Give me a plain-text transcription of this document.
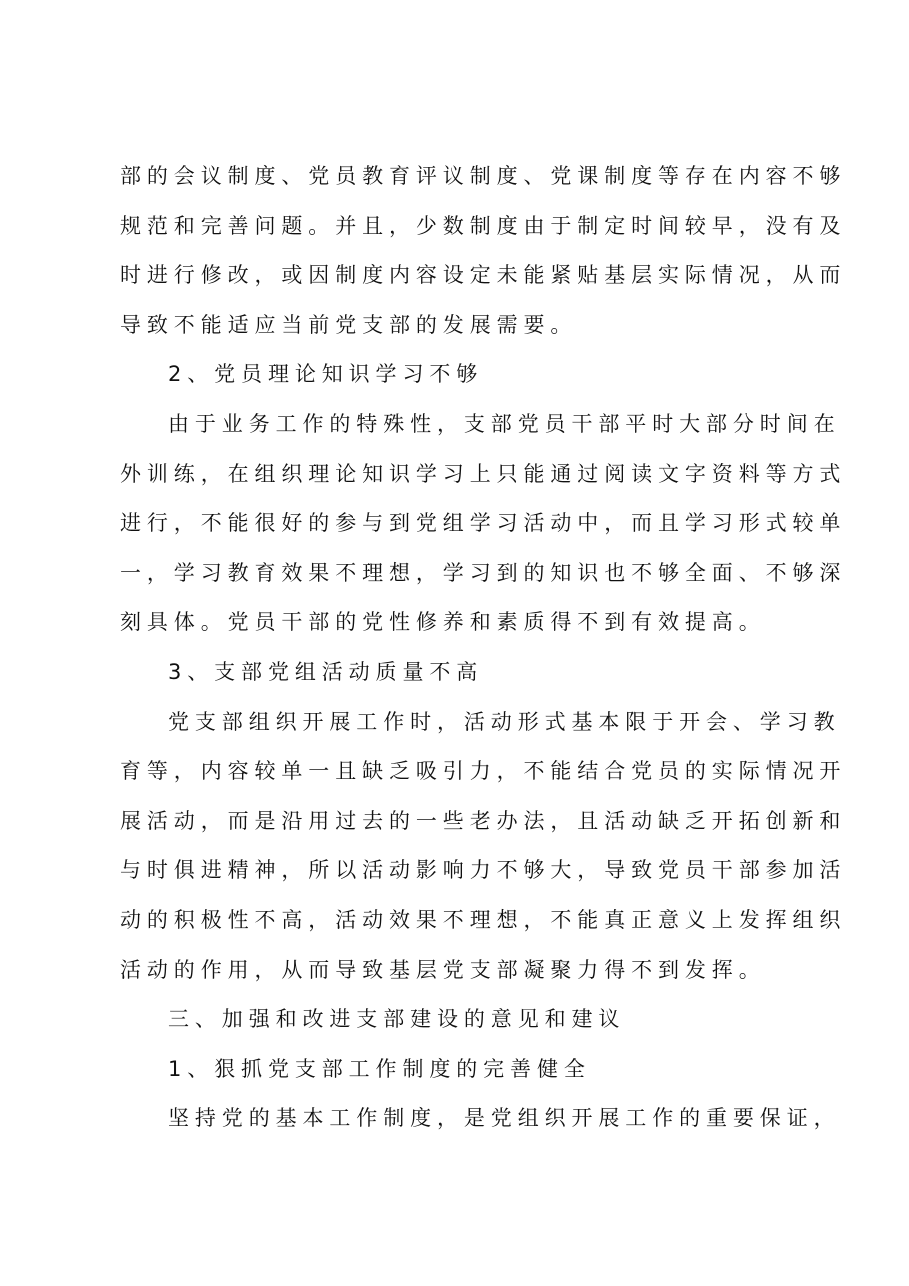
部的会议制度、党员教育评议制度、党课制度等存在内容不够
规范和完善问题。并且，少数制度由于制定时间较早，没有及
时进行修改，或因制度内容设定未能紧贴基层实际情况，从而
导致不能适应当前党支部的发展需要。
2、党员理论知识学习不够
由于业务工作的特殊性，支部党员干部平时大部分时间在
外训练，在组织理论知识学习上只能通过阅读文字资料等方式
进行，不能很好的参与到党组学习活动中，而且学习形式较单
一，学习教育效果不理想，学习到的知识也不够全面、不够深
刻具体。党员干部的党性修养和素质得不到有效提高。
3、支部党组活动质量不高
党支部组织开展工作时，活动形式基本限于开会、学习教
育等，内容较单一且缺乏吸引力，不能结合党员的实际情况开
展活动，而是沿用过去的一些老办法，且活动缺乏开拓创新和
与时俱进精神，所以活动影响力不够大，导致党员干部参加活
动的积极性不高，活动效果不理想，不能真正意义上发挥组织
活动的作用，从而导致基层党支部凝聚力得不到发挥。
三、加强和改进支部建设的意见和建议
1、狠抓党支部工作制度的完善健全
坚持党的基本工作制度，是党组织开展工作的重要保证，
